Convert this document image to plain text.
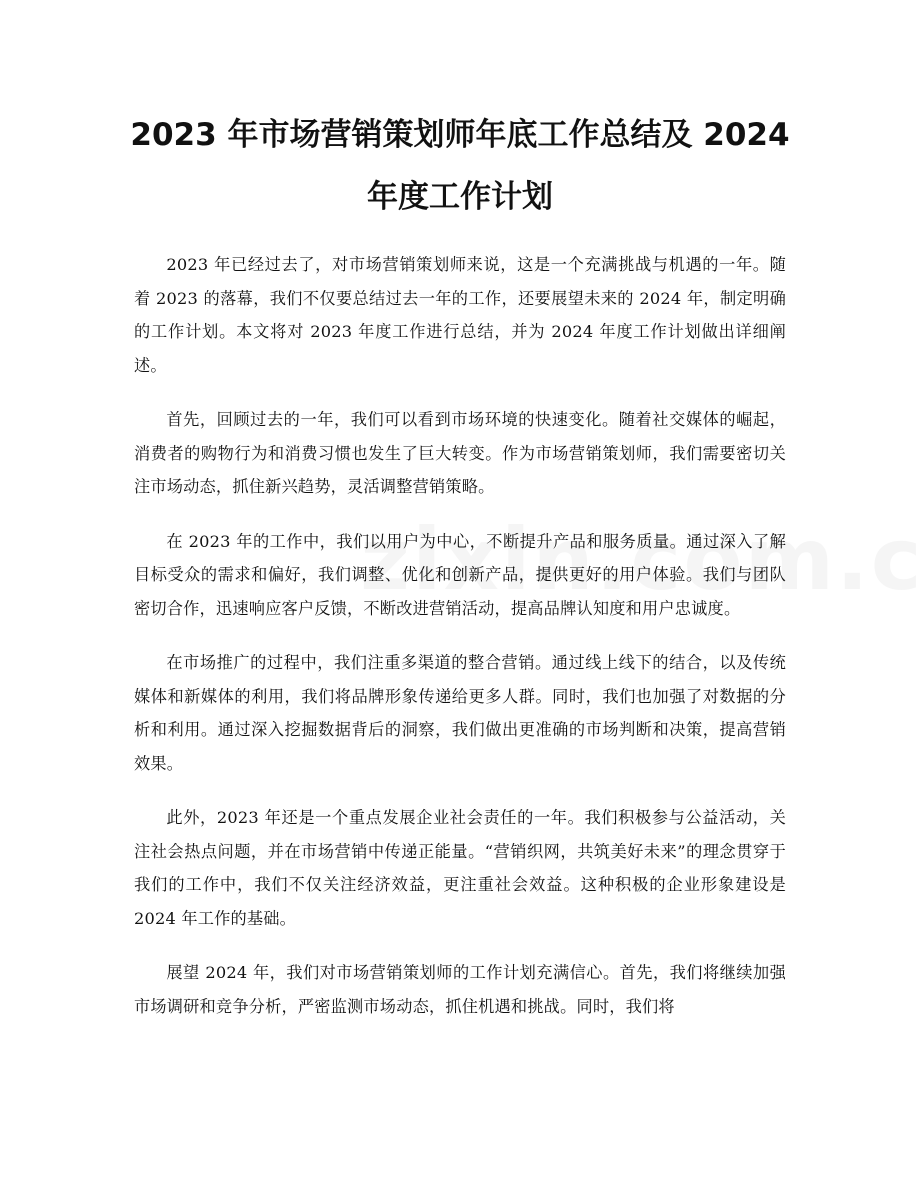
2023 年市场营销策划师年底工作总结及 2024 年度工作计划

2023 年已经过去了，对市场营销策划师来说，这是一个充满挑战与机遇的一年。随着 2023 的落幕，我们不仅要总结过去一年的工作，还要展望未来的 2024 年，制定明确的工作计划。本文将对 2023 年度工作进行总结，并为 2024 年度工作计划做出详细阐述。

首先，回顾过去的一年，我们可以看到市场环境的快速变化。随着社交媒体的崛起，消费者的购物行为和消费习惯也发生了巨大转变。作为市场营销策划师，我们需要密切关注市场动态，抓住新兴趋势，灵活调整营销策略。

在 2023 年的工作中，我们以用户为中心，不断提升产品和服务质量。通过深入了解目标受众的需求和偏好，我们调整、优化和创新产品，提供更好的用户体验。我们与团队密切合作，迅速响应客户反馈，不断改进营销活动，提高品牌认知度和用户忠诚度。

在市场推广的过程中，我们注重多渠道的整合营销。通过线上线下的结合，以及传统媒体和新媒体的利用，我们将品牌形象传递给更多人群。同时，我们也加强了对数据的分析和利用。通过深入挖掘数据背后的洞察，我们做出更准确的市场判断和决策，提高营销效果。

此外，2023 年还是一个重点发展企业社会责任的一年。我们积极参与公益活动，关注社会热点问题，并在市场营销中传递正能量。“营销织网，共筑美好未来”的理念贯穿于我们的工作中，我们不仅关注经济效益，更注重社会效益。这种积极的企业形象建设是 2024 年工作的基础。

展望 2024 年，我们对市场营销策划师的工作计划充满信心。首先，我们将继续加强市场调研和竞争分析，严密监测市场动态，抓住机遇和挑战。同时，我们将
